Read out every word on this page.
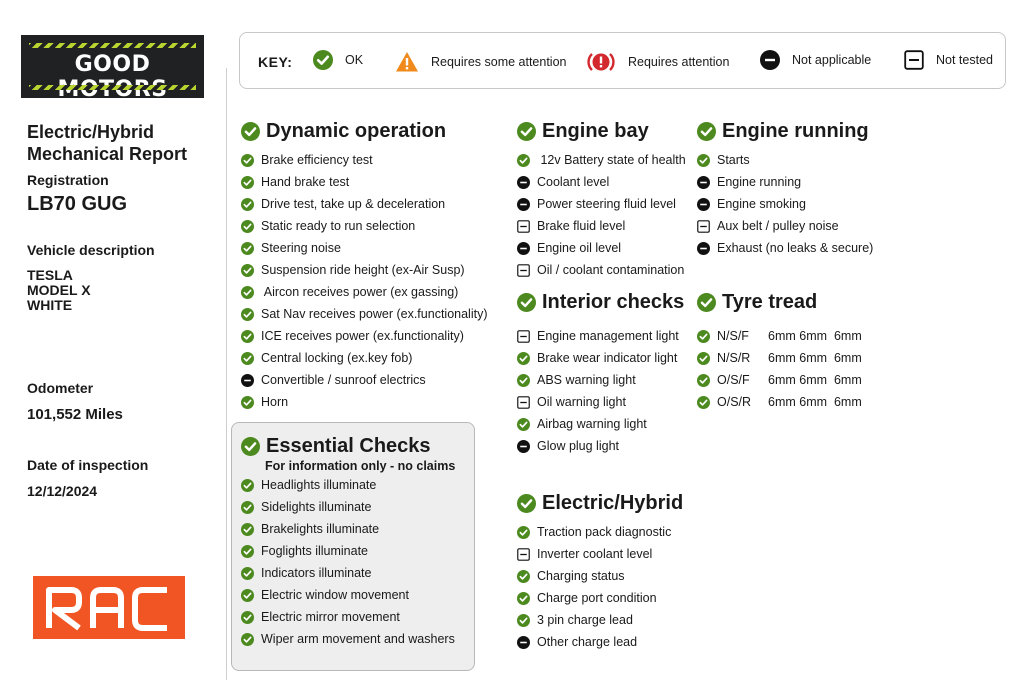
GOOD
Electric/Hybrid
Mechanical Report
Registration
LB70 GUG
Vehicle description
TESLA
MODEL X
WHITE
Odometer
101,552 Miles
Date of inspection
12/12/2024
KEY:	OK	Requires some attention	Requires attention	Not applicable	Not tested
Dynamic operation
Brake efficiency test
Hand brake test
Drive test, take up & deceleration
Static ready to run selection
Steering noise
Suspension ride height (ex-Air Susp)
Aircon receives power (ex gassing)
Sat Nav receives power (ex.functionality)
ICE receives power (ex.functionality)
Central locking (ex.key fob)
Convertible / sunroof electrics
Horn
Essential Checks
For information only - no claims
Headlights illuminate
Sidelights illuminate
Brakelights illuminate
Foglights illuminate
Indicators illuminate
Electric window movement
Electric mirror movement
Wiper arm movement and washers
Engine bay
12v Battery state of health
Coolant level
Power steering fluid level
Brake fluid level
Engine oil level
Oil / coolant contamination
Interior checks
Engine management light
Brake wear indicator light
ABS warning light
Oil warning light
Airbag warning light
Glow plug light
Electric/Hybrid
Traction pack diagnostic
Inverter coolant level
Charging status
Charge port condition
3 pin charge lead
Other charge lead
Engine running
Starts
Engine running
Engine smoking
Aux belt / pulley noise
Exhaust (no leaks & secure)
Tyre tread
N/S/F	6mm 6mm  6mm
N/S/R	6mm 6mm  6mm
O/S/F	6mm 6mm  6mm
O/S/R	6mm 6mm  6mm
